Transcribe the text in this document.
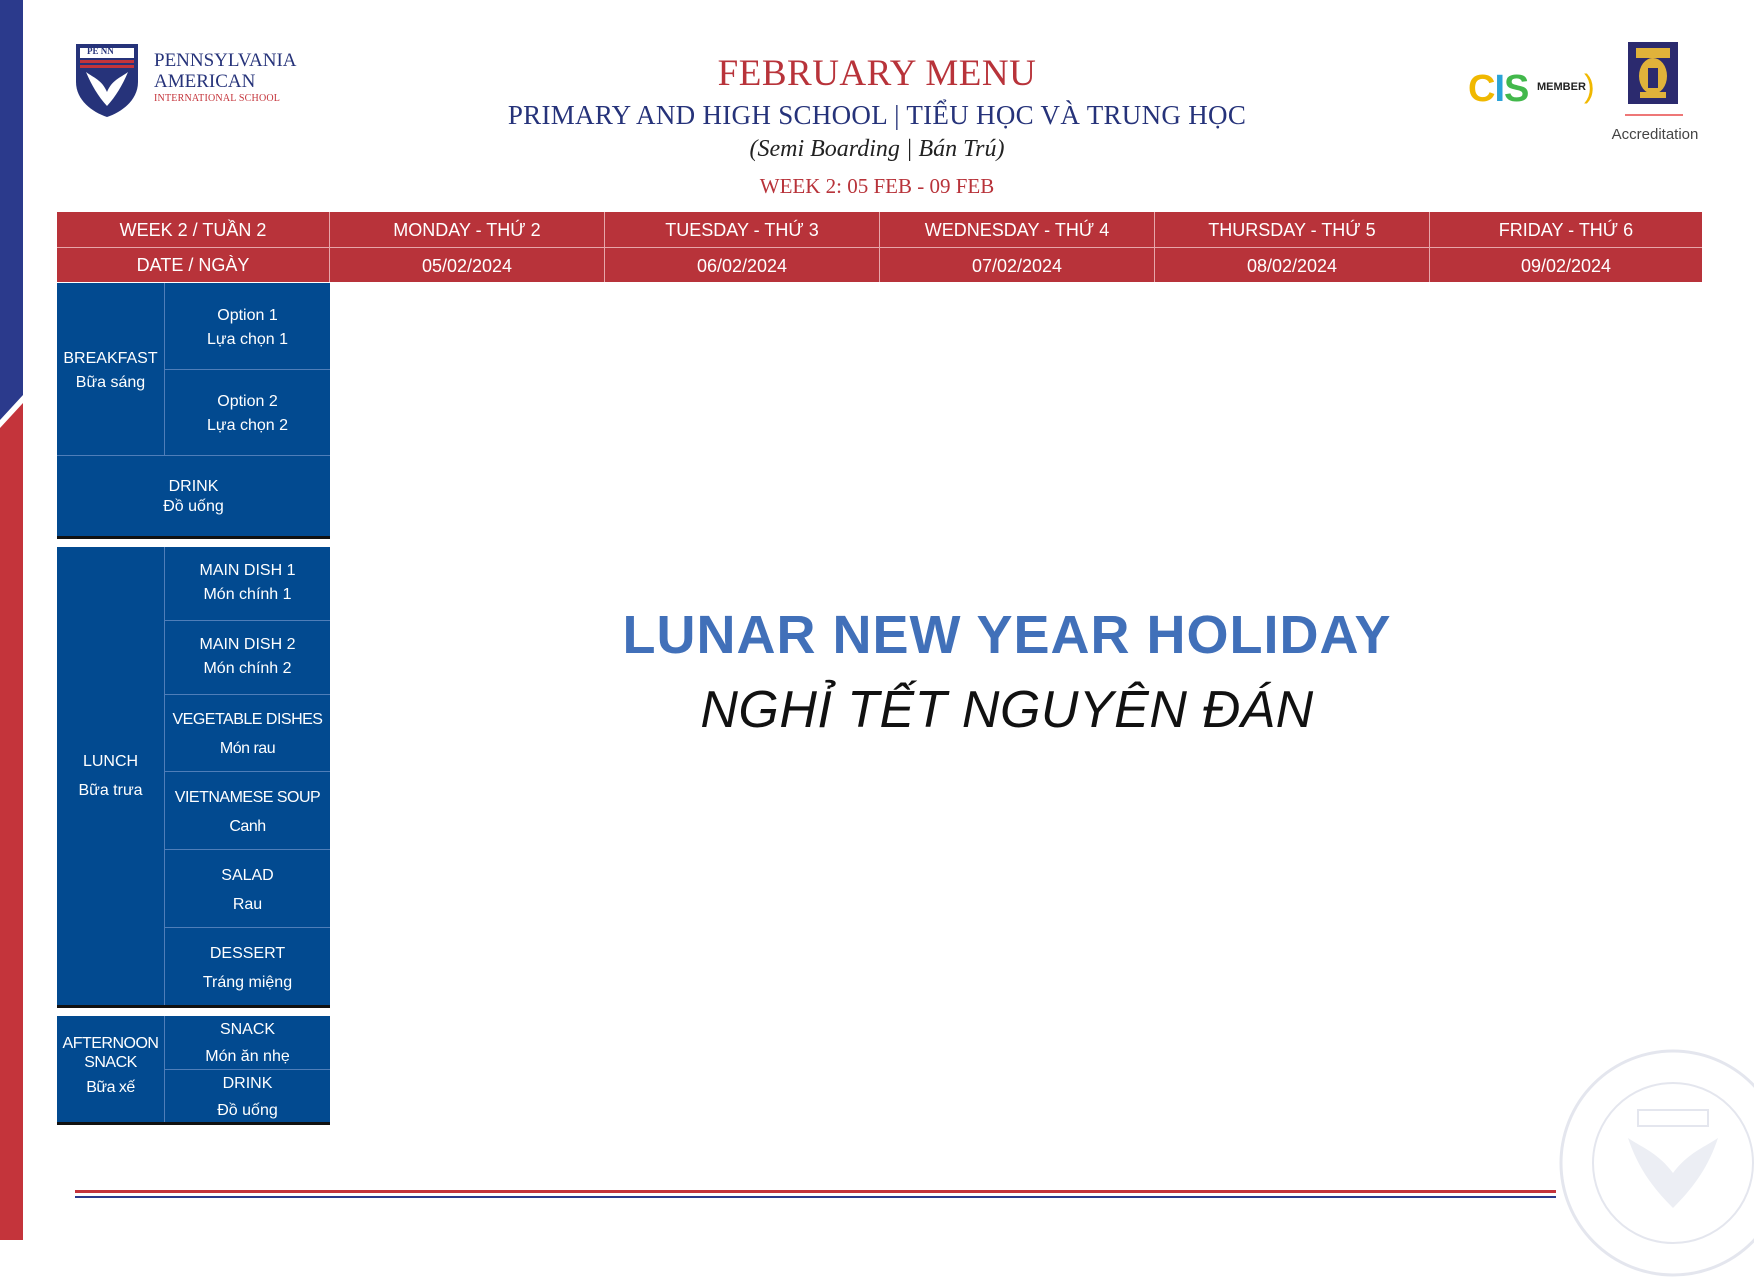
PE NN PENNSYLVANIA
AMERICAN
INTERNATIONAL SCHOOL
FEBRUARY MENU
PRIMARY AND HIGH SCHOOL | TIỂU HỌC VÀ TRUNG HỌC
(Semi Boarding | Bán Trú)
WEEK 2: 05 FEB - 09 FEB
CIS MEMBER
)
Accreditation
WEEK 2 / TUẦN 2
DATE / NGÀY
MONDAY - THỨ 2
05/02/2024
TUESDAY - THỨ 3
06/02/2024
WEDNESDAY - THỨ 4
07/02/2024
THURSDAY - THỨ 5
08/02/2024
FRIDAY - THỨ 6
09/02/2024
BREAKFAST
Bữa sáng
Option 1
Lựa chọn 1
Option 2
Lựa chọn 2
DRINK
Đồ uống
LUNCH
Bữa trưa
MAIN DISH 1
Món chính 1
MAIN DISH 2
Món chính 2
VEGETABLE DISHES
Món rau
VIETNAMESE SOUP
Canh
SALAD
Rau
DESSERT
Tráng miệng
AFTERNOON
SNACK
Bữa xế
SNACK
Món ăn nhẹ
DRINK
Đồ uống
LUNAR NEW YEAR HOLIDAY
NGHỈ TẾT NGUYÊN ĐÁN
